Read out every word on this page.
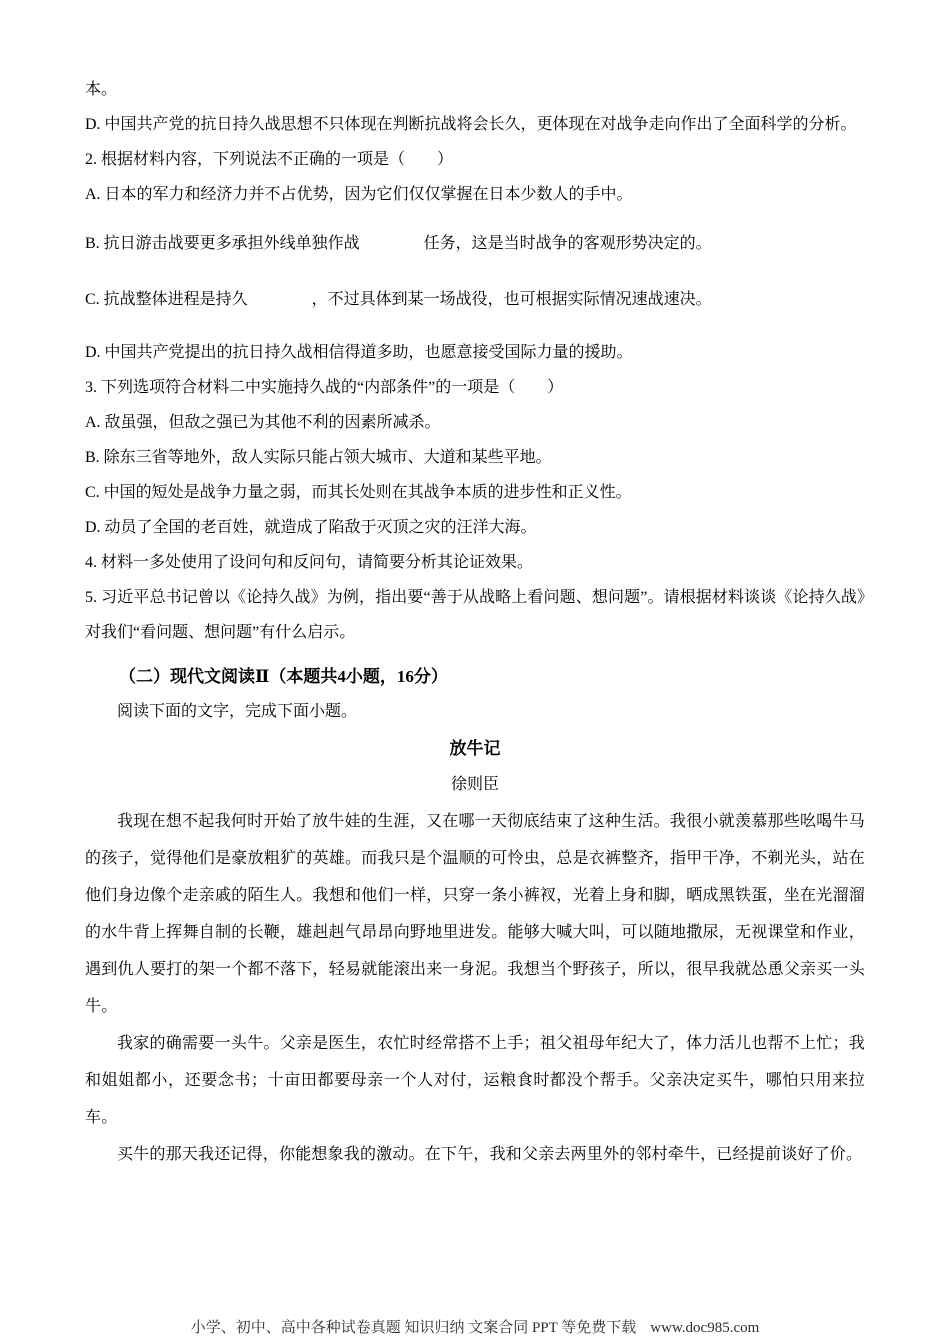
本。

D. 中国共产党的抗日持久战思想不只体现在判断抗战将会长久，更体现在对战争走向作出了全面科学的分析。

2. 根据材料内容，下列说法不正确的一项是（　　）

A. 日本的军力和经济力并不占优势，因为它们仅仅掌握在日本少数人的手中。

B. 抗日游击战要更多承担外线单独作战　　　　任务，这是当时战争的客观形势决定的。

C. 抗战整体进程是持久　　　　，不过具体到某一场战役，也可根据实际情况速战速决。

D. 中国共产党提出的抗日持久战相信得道多助，也愿意接受国际力量的援助。

3. 下列选项符合材料二中实施持久战的“内部条件”的一项是（　　）

A. 敌虽强，但敌之强已为其他不利的因素所减杀。

B. 除东三省等地外，敌人实际只能占领大城市、大道和某些平地。

C. 中国的短处是战争力量之弱，而其长处则在其战争本质的进步性和正义性。

D. 动员了全国的老百姓，就造成了陷敌于灭顶之灾的汪洋大海。

4. 材料一多处使用了设问句和反问句，请简要分析其论证效果。

5. 习近平总书记曾以《论持久战》为例，指出要“善于从战略上看问题、想问题”。请根据材料谈谈《论持久战》对我们“看问题、想问题”有什么启示。

（二）现代文阅读Ⅱ（本题共4小题，16分）

阅读下面的文字，完成下面小题。

放牛记

徐则臣

我现在想不起我何时开始了放牛娃的生涯，又在哪一天彻底结束了这种生活。我很小就羡慕那些吆喝牛马的孩子，觉得他们是豪放粗犷的英雄。而我只是个温顺的可怜虫，总是衣裤整齐，指甲干净，不剃光头，站在他们身边像个走亲戚的陌生人。我想和他们一样，只穿一条小裤衩，光着上身和脚，晒成黑铁蛋，坐在光溜溜的水牛背上挥舞自制的长鞭，雄赳赳气昂昂向野地里进发。能够大喊大叫，可以随地撒尿，无视课堂和作业，遇到仇人要打的架一个都不落下，轻易就能滚出来一身泥。我想当个野孩子，所以，很早我就怂恿父亲买一头牛。

我家的确需要一头牛。父亲是医生，农忙时经常搭不上手；祖父祖母年纪大了，体力活儿也帮不上忙；我和姐姐都小，还要念书；十亩田都要母亲一个人对付，运粮食时都没个帮手。父亲决定买牛，哪怕只用来拉车。

买牛的那天我还记得，你能想象我的激动。在下午，我和父亲去两里外的邻村牵牛，已经提前谈好了价。

小学、初中、高中各种试卷真题 知识归纳 文案合同 PPT 等免费下载 www.doc985.com
